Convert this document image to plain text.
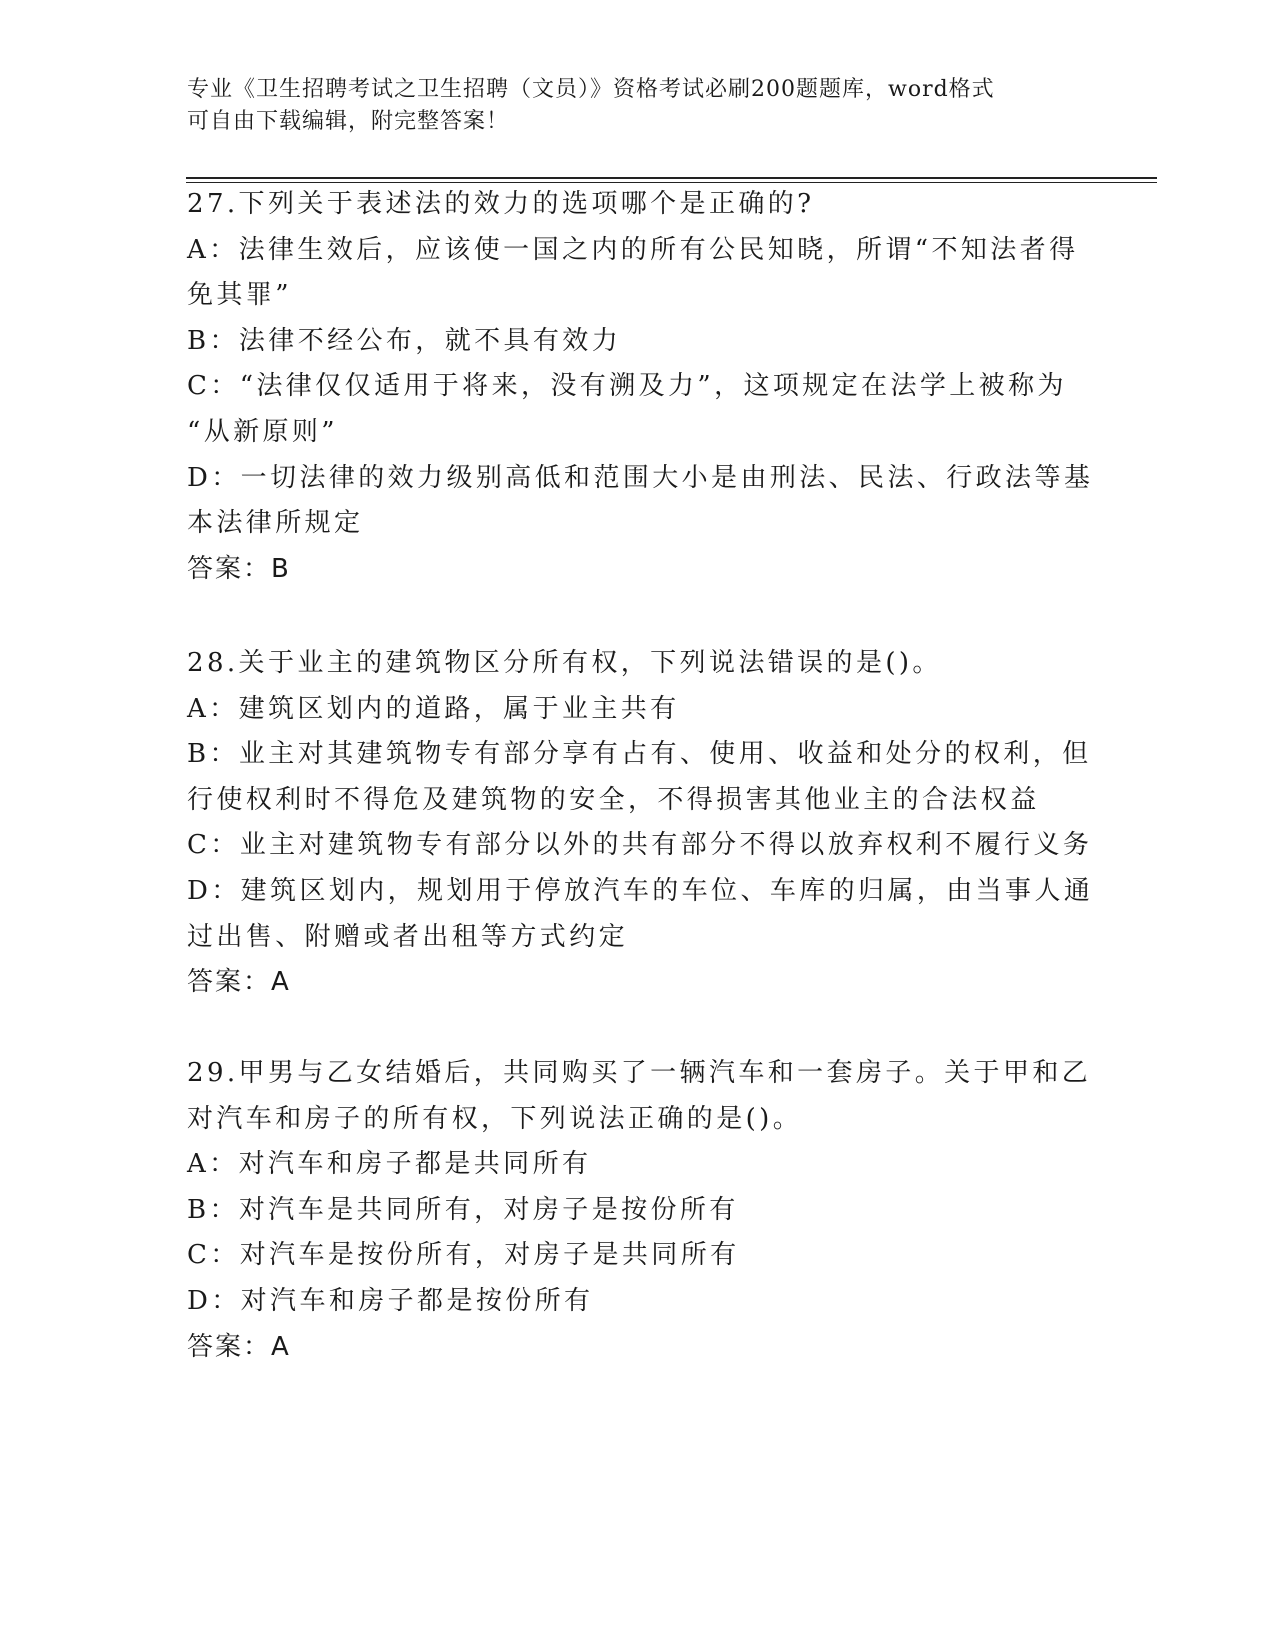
专业《卫生招聘考试之卫生招聘（文员）》资格考试必刷200题题库，word格式
可自由下载编辑，附完整答案！
27.下列关于表述法的效力的选项哪个是正确的?
A：法律生效后，应该使一国之内的所有公民知晓，所谓“不知法者得
免其罪”
B：法律不经公布，就不具有效力
C：“法律仅仅适用于将来，没有溯及力”，这项规定在法学上被称为
“从新原则”
D：一切法律的效力级别高低和范围大小是由刑法、民法、行政法等基
本法律所规定
答案：B
28.关于业主的建筑物区分所有权，下列说法错误的是()。
A：建筑区划内的道路，属于业主共有
B：业主对其建筑物专有部分享有占有、使用、收益和处分的权利，但
行使权利时不得危及建筑物的安全，不得损害其他业主的合法权益
C：业主对建筑物专有部分以外的共有部分不得以放弃权利不履行义务
D：建筑区划内，规划用于停放汽车的车位、车库的归属，由当事人通
过出售、附赠或者出租等方式约定
答案：A
29.甲男与乙女结婚后，共同购买了一辆汽车和一套房子。关于甲和乙
对汽车和房子的所有权，下列说法正确的是()。
A：对汽车和房子都是共同所有
B：对汽车是共同所有，对房子是按份所有
C：对汽车是按份所有，对房子是共同所有
D：对汽车和房子都是按份所有
答案：A
